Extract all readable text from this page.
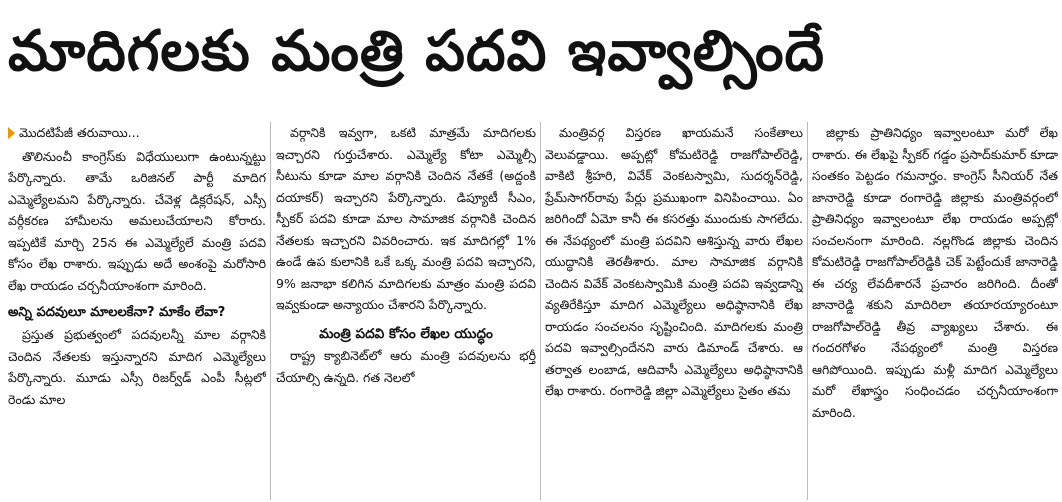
మాదిగలకు మంత్రి పదవి ఇవ్వాల్సిందే
మొదటిపేజీ తరువాయి...

తొలినుంచీ కాంగ్రెస్‌కు విధేయులుగా ఉంటున్నట్టు పేర్కొన్నారు. తామే ఒరిజినల్ పార్టీ మాదిగ ఎమ్మెల్యేలమని పేర్కొన్నారు. చేవెళ్ల డిక్లరేషన్, ఎస్సీ వర్గీకరణ హామీలను అమలుచేయాలని కోరారు. ఇప్పటికే మార్చి 25న ఈ ఎమ్మెల్యేలే మంత్రి పదవి కోసం లేఖ రాశారు. ఇప్పుడు అదే అంశంపై మరోసారి లేఖ రాయడం చర్చనీయాంశంగా మారింది.

అన్ని పదవులూ మాలలకేనా? మాకేం లేవా?

ప్రస్తుత ప్రభుత్వంలో పదవులన్నీ మాల వర్గానికి చెందిన నేతలకు ఇస్తున్నారని మాదిగ ఎమ్మెల్యేలు పేర్కొన్నారు. మూడు ఎస్సీ రిజర్వ్‌డ్ ఎంపీ సీట్లలో రెండు మాల

వర్గానికి ఇవ్వగా, ఒకటి మాత్రమే మాదిగలకు ఇచ్చారని గుర్తుచేశారు. ఎమ్మెల్యే కోటా ఎమ్మెల్సీ సీటును కూడా మాల వర్గానికి చెందిన నేతకే (అద్దంకి దయాకర్) ఇచ్చారని పేర్కొన్నారు. డిప్యూటీ సీఎం, స్పీకర్ పదవి కూడా మాల సామాజిక వర్గానికి చెందిన నేతలకు ఇచ్చారని వివరించారు. ఇక మాదిగల్లో 1% ఉండే ఉప కులానికి ఒకే ఒక్క మంత్రి పదవి ఇచ్చారని, 9% జనాభా కలిగిన మాదిగలకు మాత్రం మంత్రి పదవి ఇవ్వకుండా అన్యాయం చేశారని పేర్కొన్నారు.

మంత్రి పదవి కోసం లేఖల యుద్ధం

రాష్ట్ర క్యాబినెట్‌లో ఆరు మంత్రి పదవులను భర్తీ చేయాల్సి ఉన్నది. గత నెలలో

మంత్రివర్గ విస్తరణ ఖాయమనే సంకేతాలు వెలువడ్డాయి. అప్పట్లో కోమటిరెడ్డి రాజగోపాల్‌రెడ్డి, వాకిటి శ్రీహరి, వివేక్ వెంకటస్వామి, సుదర్శన్‌రెడ్డి, ప్రేమ్‌సాగర్‌రావు పేర్లు ప్రముఖంగా వినిపించాయి. ఏం జరిగిందో ఏమో కానీ ఈ కసరత్తు ముందుకు సాగలేదు. ఈ నేపథ్యంలో మంత్రి పదవిని ఆశిస్తున్న వారు లేఖల యుద్ధానికి తెరతీశారు. మాల సామాజిక వర్గానికి చెందిన వివేక్ వెంకటస్వామికి మంత్రి పదవి ఇవ్వడాన్ని వ్యతిరేకిస్తూ మాదిగ ఎమ్మెల్యేలు అధిష్ఠానానికి లేఖ రాయడం సంచలనం సృష్టించింది. మాదిగలకు మంత్రి పదవి ఇవ్వాల్సిందేనని వారు డిమాండ్ చేశారు. ఆ తర్వాత లంబాడ, ఆదివాసీ ఎమ్మెల్యేలు అధిష్ఠానానికి లేఖ రాశారు. రంగారెడ్డి జిల్లా ఎమ్మెల్యేలు సైతం తమ

జిల్లాకు ప్రాతినిధ్యం ఇవ్వాలంటూ మరో లేఖ రాశారు. ఈ లేఖపై స్పీకర్ గడ్డం ప్రసాద్‌కుమార్ కూడా సంతకం పెట్టడం గమనార్హం. కాంగ్రెస్ సీనియర్ నేత జానారెడ్డి కూడా రంగారెడ్డి జిల్లాకు మంత్రివర్గంలో ప్రాతినిధ్యం ఇవ్వాలంటూ లేఖ రాయడం అప్పట్లో సంచలనంగా మారింది. నల్లగొండ జిల్లాకు చెందిన కోమటిరెడ్డి రాజగోపాల్‌రెడ్డికి చెక్ పెట్టేందుకే జానారెడ్డి ఈ చర్య లేవదీశారనే ప్రచారం జరిగింది. దీంతో జానారెడ్డి శకుని మాదిరిలా తయారయ్యారంటూ రాజగోపాల్‌రెడ్డి తీవ్ర వ్యాఖ్యలు చేశారు. ఈ గందరగోళం నేపథ్యంలో మంత్రి విస్తరణ ఆగిపోయింది. ఇప్పుడు మళ్లీ మాదిగ ఎమ్మెల్యేలు మరో లేఖాస్త్రం సంధించడం చర్చనీయాంశంగా మారింది.
